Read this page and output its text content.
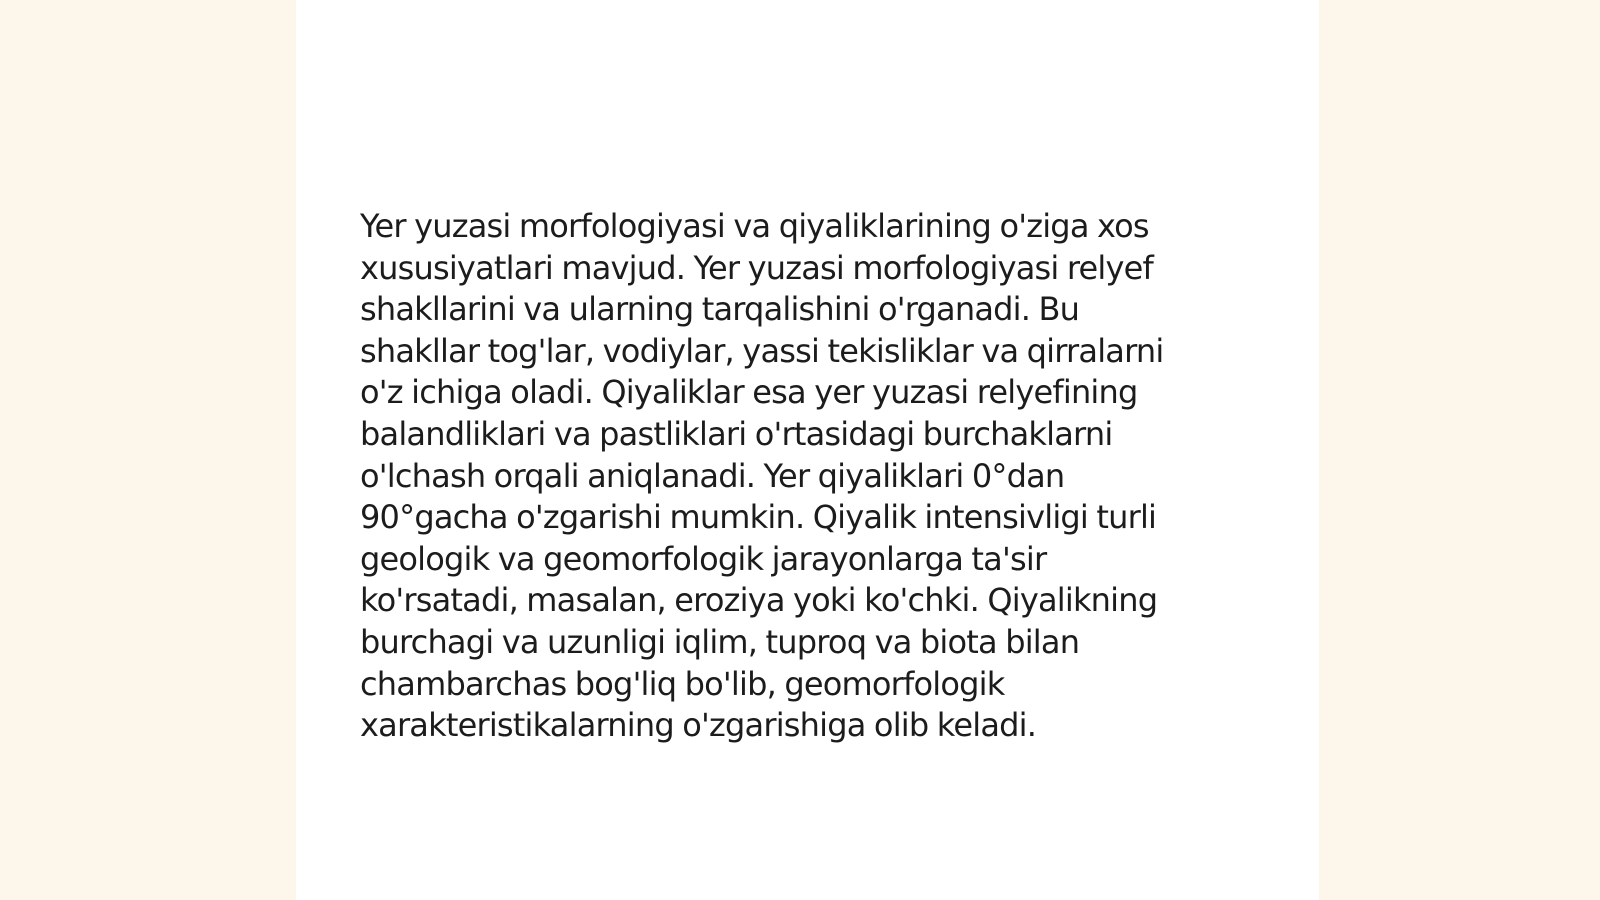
Yer yuzasi morfologiyasi va qiyaliklarining o'ziga xos
xususiyatlari mavjud. Yer yuzasi morfologiyasi relyef
shakllarini va ularning tarqalishini o'rganadi. Bu
shakllar tog'lar, vodiylar, yassi tekisliklar va qirralarni
o'z ichiga oladi. Qiyaliklar esa yer yuzasi relyefining
balandliklari va pastliklari o'rtasidagi burchaklarni
o'lchash orqali aniqlanadi. Yer qiyaliklari 0°dan
90°gacha o'zgarishi mumkin. Qiyalik intensivligi turli
geologik va geomorfologik jarayonlarga ta'sir
ko'rsatadi, masalan, eroziya yoki ko'chki. Qiyalikning
burchagi va uzunligi iqlim, tuproq va biota bilan
chambarchas bog'liq bo'lib, geomorfologik
xarakteristikalarning o'zgarishiga olib keladi.
